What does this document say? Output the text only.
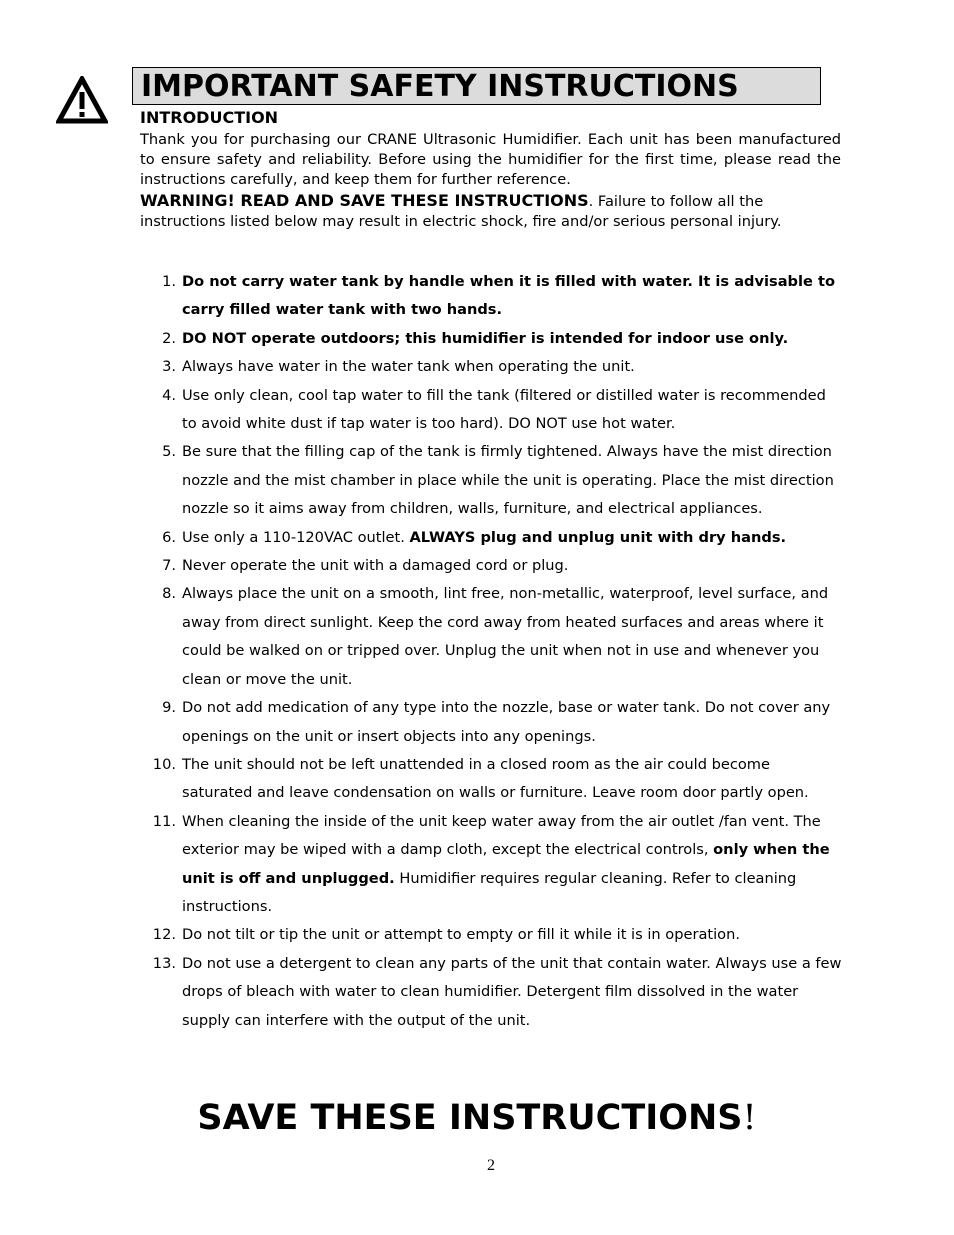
IMPORTANT SAFETY INSTRUCTIONS
INTRODUCTION

Thank you for purchasing our CRANE Ultrasonic Humidifier. Each unit has been manufactured to ensure safety and reliability. Before using the humidifier for the first time, please read the instructions carefully, and keep them for further reference.

WARNING! READ AND SAVE THESE INSTRUCTIONS. Failure to follow all the instructions listed below may result in electric shock, fire and/or serious personal injury.

1. Do not carry water tank by handle when it is filled with water. It is advisable to carry filled water tank with two hands.
2. DO NOT operate outdoors; this humidifier is intended for indoor use only.
3. Always have water in the water tank when operating the unit.
4. Use only clean, cool tap water to fill the tank (filtered or distilled water is recommended to avoid white dust if tap water is too hard). DO NOT use hot water.
5. Be sure that the filling cap of the tank is firmly tightened. Always have the mist direction nozzle and the mist chamber in place while the unit is operating. Place the mist direction nozzle so it aims away from children, walls, furniture, and electrical appliances.
6. Use only a 110-120VAC outlet. ALWAYS plug and unplug unit with dry hands.
7. Never operate the unit with a damaged cord or plug.
8. Always place the unit on a smooth, lint free, non-metallic, waterproof, level surface, and away from direct sunlight. Keep the cord away from heated surfaces and areas where it could be walked on or tripped over. Unplug the unit when not in use and whenever you clean or move the unit.
9. Do not add medication of any type into the nozzle, base or water tank. Do not cover any openings on the unit or insert objects into any openings.
10. The unit should not be left unattended in a closed room as the air could become saturated and leave condensation on walls or furniture. Leave room door partly open.
11. When cleaning the inside of the unit keep water away from the air outlet /fan vent. The exterior may be wiped with a damp cloth, except the electrical controls, only when the unit is off and unplugged. Humidifier requires regular cleaning. Refer to cleaning instructions.
12. Do not tilt or tip the unit or attempt to empty or fill it while it is in operation.
13. Do not use a detergent to clean any parts of the unit that contain water. Always use a few drops of bleach with water to clean humidifier. Detergent film dissolved in the water supply can interfere with the output of the unit.
SAVE THESE INSTRUCTIONS!
2
